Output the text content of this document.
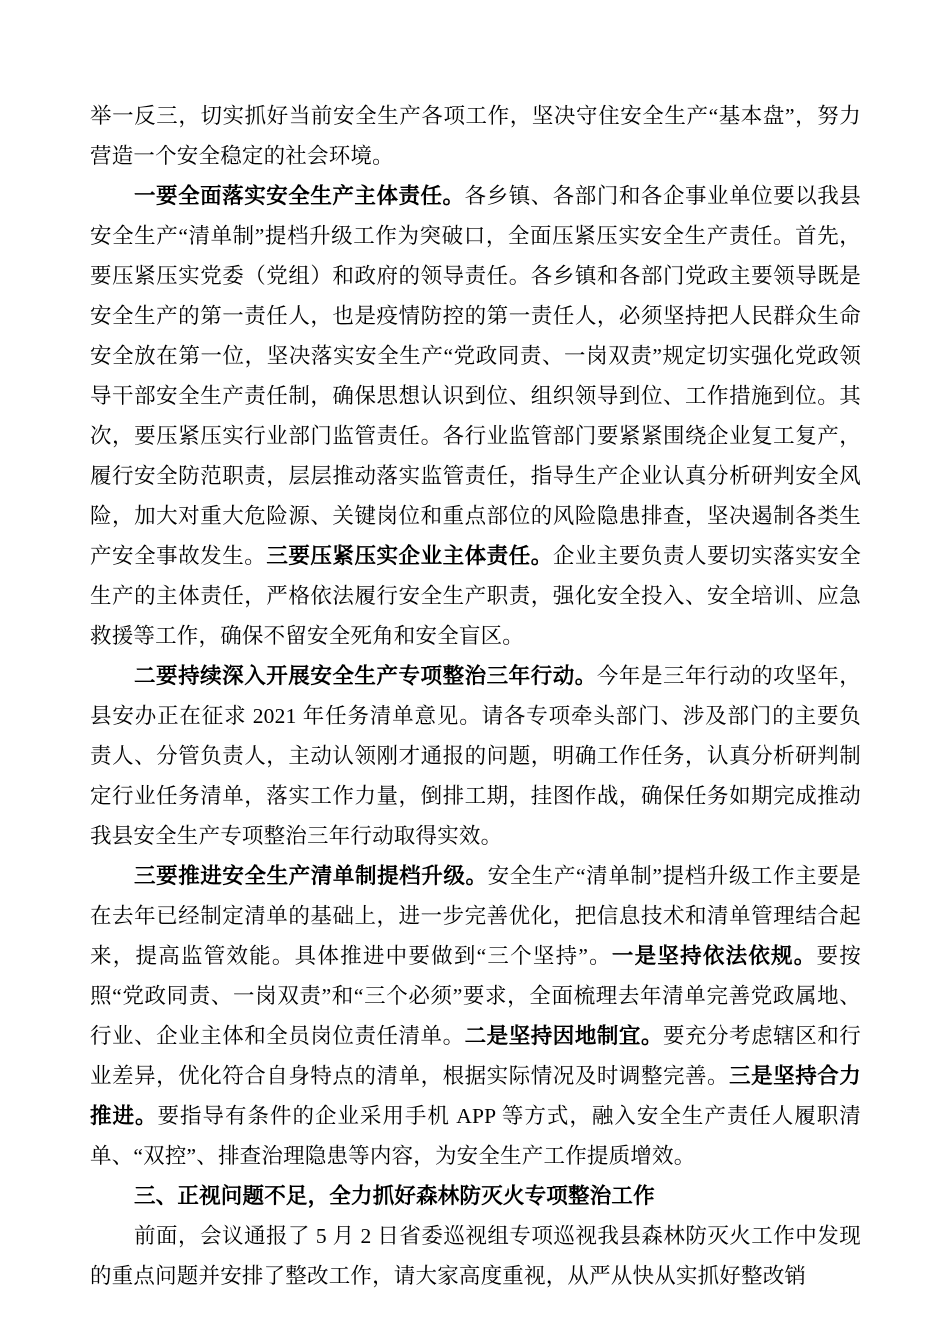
举一反三，切实抓好当前安全生产各项工作，坚决守住安全生产“基本盘”，努力营造一个安全稳定的社会环境。

一要全面落实安全生产主体责任。各乡镇、各部门和各企事业单位要以我县安全生产“清单制”提档升级工作为突破口，全面压紧压实安全生产责任。首先，要压紧压实党委（党组）和政府的领导责任。各乡镇和各部门党政主要领导既是安全生产的第一责任人，也是疫情防控的第一责任人，必须坚持把人民群众生命安全放在第一位，坚决落实安全生产“党政同责、一岗双责”规定切实强化党政领导干部安全生产责任制，确保思想认识到位、组织领导到位、工作措施到位。其次，要压紧压实行业部门监管责任。各行业监管部门要紧紧围绕企业复工复产，履行安全防范职责，层层推动落实监管责任，指导生产企业认真分析研判安全风险，加大对重大危险源、关键岗位和重点部位的风险隐患排查，坚决遏制各类生产安全事故发生。三要压紧压实企业主体责任。企业主要负责人要切实落实安全生产的主体责任，严格依法履行安全生产职责，强化安全投入、安全培训、应急救援等工作，确保不留安全死角和安全盲区。

二要持续深入开展安全生产专项整治三年行动。今年是三年行动的攻坚年，县安办正在征求 2021 年任务清单意见。请各专项牵头部门、涉及部门的主要负责人、分管负责人，主动认领刚才通报的问题，明确工作任务，认真分析研判制定行业任务清单，落实工作力量，倒排工期，挂图作战，确保任务如期完成推动我县安全生产专项整治三年行动取得实效。

三要推进安全生产清单制提档升级。安全生产“清单制”提档升级工作主要是在去年已经制定清单的基础上，进一步完善优化，把信息技术和清单管理结合起来，提高监管效能。具体推进中要做到“三个坚持”。一是坚持依法依规。要按照“党政同责、一岗双责”和“三个必须”要求，全面梳理去年清单完善党政属地、行业、企业主体和全员岗位责任清单。二是坚持因地制宜。要充分考虑辖区和行业差异，优化符合自身特点的清单，根据实际情况及时调整完善。三是坚持合力推进。要指导有条件的企业采用手机 APP 等方式，融入安全生产责任人履职清单、“双控”、排查治理隐患等内容，为安全生产工作提质增效。

三、正视问题不足，全力抓好森林防灭火专项整治工作

前面，会议通报了 5 月 2 日省委巡视组专项巡视我县森林防灭火工作中发现的重点问题并安排了整改工作，请大家高度重视，从严从快从实抓好整改销
